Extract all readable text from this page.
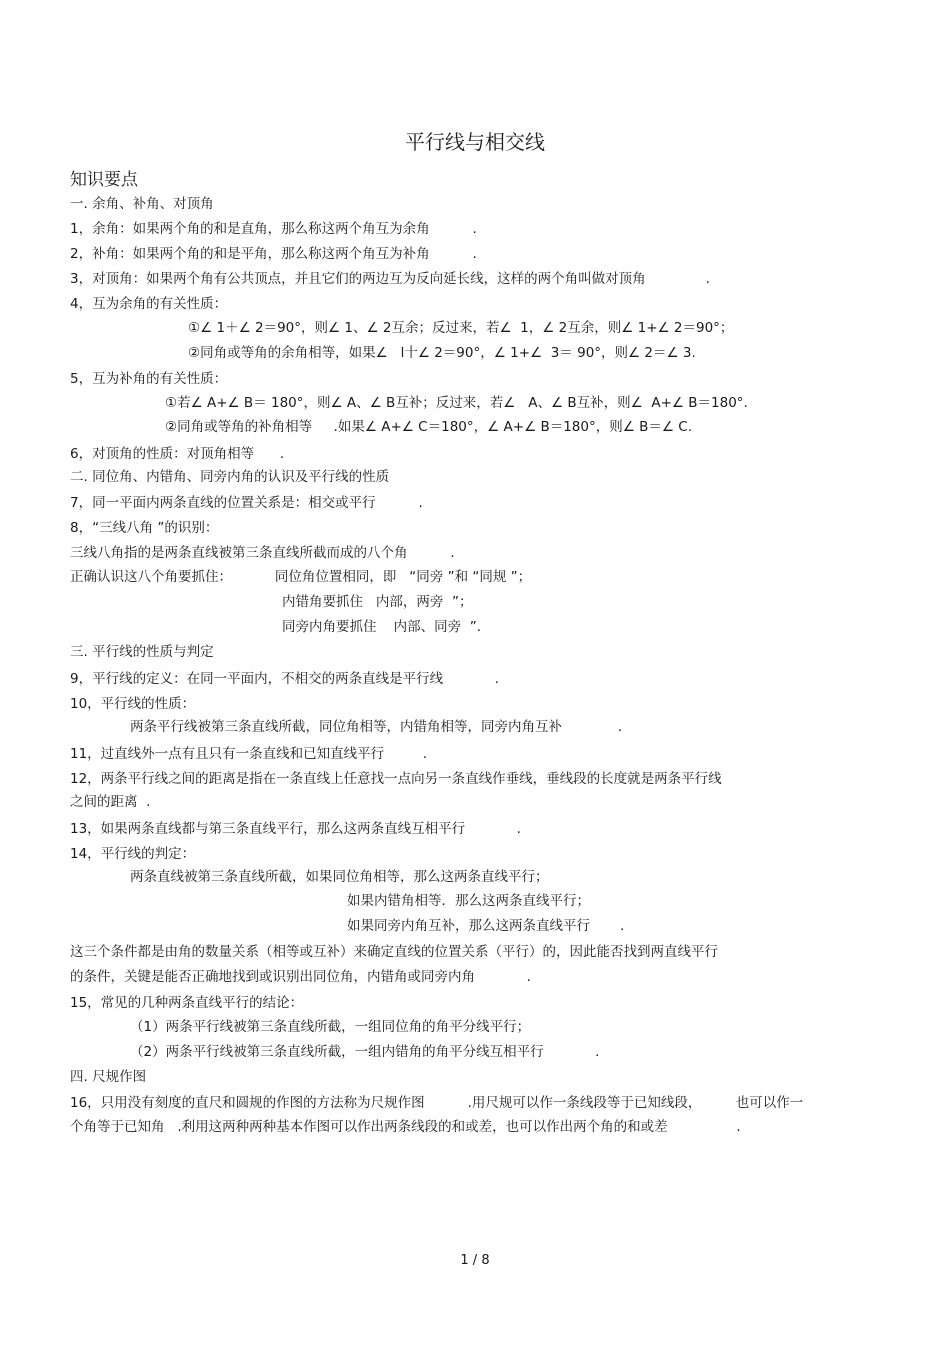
平行线与相交线
知识要点
一. 余角、补角、对顶角
1，余角：如果两个角的和是直角，那么称这两个角互为余角          .
2，补角：如果两个角的和是平角，那么称这两个角互为补角          .
3，对顶角：如果两个角有公共顶点，并且它们的两边互为反向延长线，这样的两个角叫做对顶角              .
4，互为余角的有关性质：
①∠ 1＋∠ 2＝90°，则∠ 1、∠ 2互余；反过来，若∠  1，∠ 2互余，则∠ 1+∠ 2＝90°；
②同角或等角的余角相等，如果∠   l十∠ 2＝90°，∠ 1+∠  3＝ 90°，则∠ 2＝∠ 3.
5，互为补角的有关性质：
①若∠ A+∠ B＝ 180°，则∠ A、∠ B互补；反过来，若∠   A、∠ B互补，则∠  A+∠ B＝180°.
②同角或等角的补角相等     .如果∠ A+∠ C＝180°，∠ A+∠ B＝180°，则∠ B＝∠ C.
6，对顶角的性质：对顶角相等      .
二. 同位角、内错角、同旁内角的认识及平行线的性质
7，同一平面内两条直线的位置关系是：相交或平行          .
8，“三线八角 ”的识别：
三线八角指的是两条直线被第三条直线所截而成的八个角          .
正确认识这八个角要抓住：          同位角位置相同，即   “同旁 ”和 “同规 ”；
内错角要抓住   内部，两旁  ”；
同旁内角要抓住    内部、同旁  ”.
三. 平行线的性质与判定
9，平行线的定义：在同一平面内，不相交的两条直线是平行线            .
10，平行线的性质：
两条平行线被第三条直线所截，同位角相等，内错角相等，同旁内角互补             .
11，过直线外一点有且只有一条直线和已知直线平行         .
12，两条平行线之间的距离是指在一条直线上任意找一点向另一条直线作垂线，垂线段的长度就是两条平行线
之间的距离  .
13，如果两条直线都与第三条直线平行，那么这两条直线互相平行            .
14，平行线的判定：
两条直线被第三条直线所截，如果同位角相等，那么这两条直线平行；
如果内错角相等．那么这两条直线平行；
如果同旁内角互补，那么这两条直线平行       .
这三个条件都是由角的数量关系（相等或互补）来确定直线的位置关系（平行）的，因此能否找到两直线平行
的条件，关键是能否正确地找到或识别出同位角，内错角或同旁内角            .
15，常见的几种两条直线平行的结论：
（1）两条平行线被第三条直线所截，一组同位角的角平分线平行；
（2）两条平行线被第三条直线所截，一组内错角的角平分线互相平行            .
四. 尺规作图
16，只用没有刻度的直尺和圆规的作图的方法称为尺规作图          .用尺规可以作一条线段等于已知线段，        也可以作一
个角等于已知角   .利用这两种两种基本作图可以作出两条线段的和或差，也可以作出两个角的和或差                .
1 / 8
